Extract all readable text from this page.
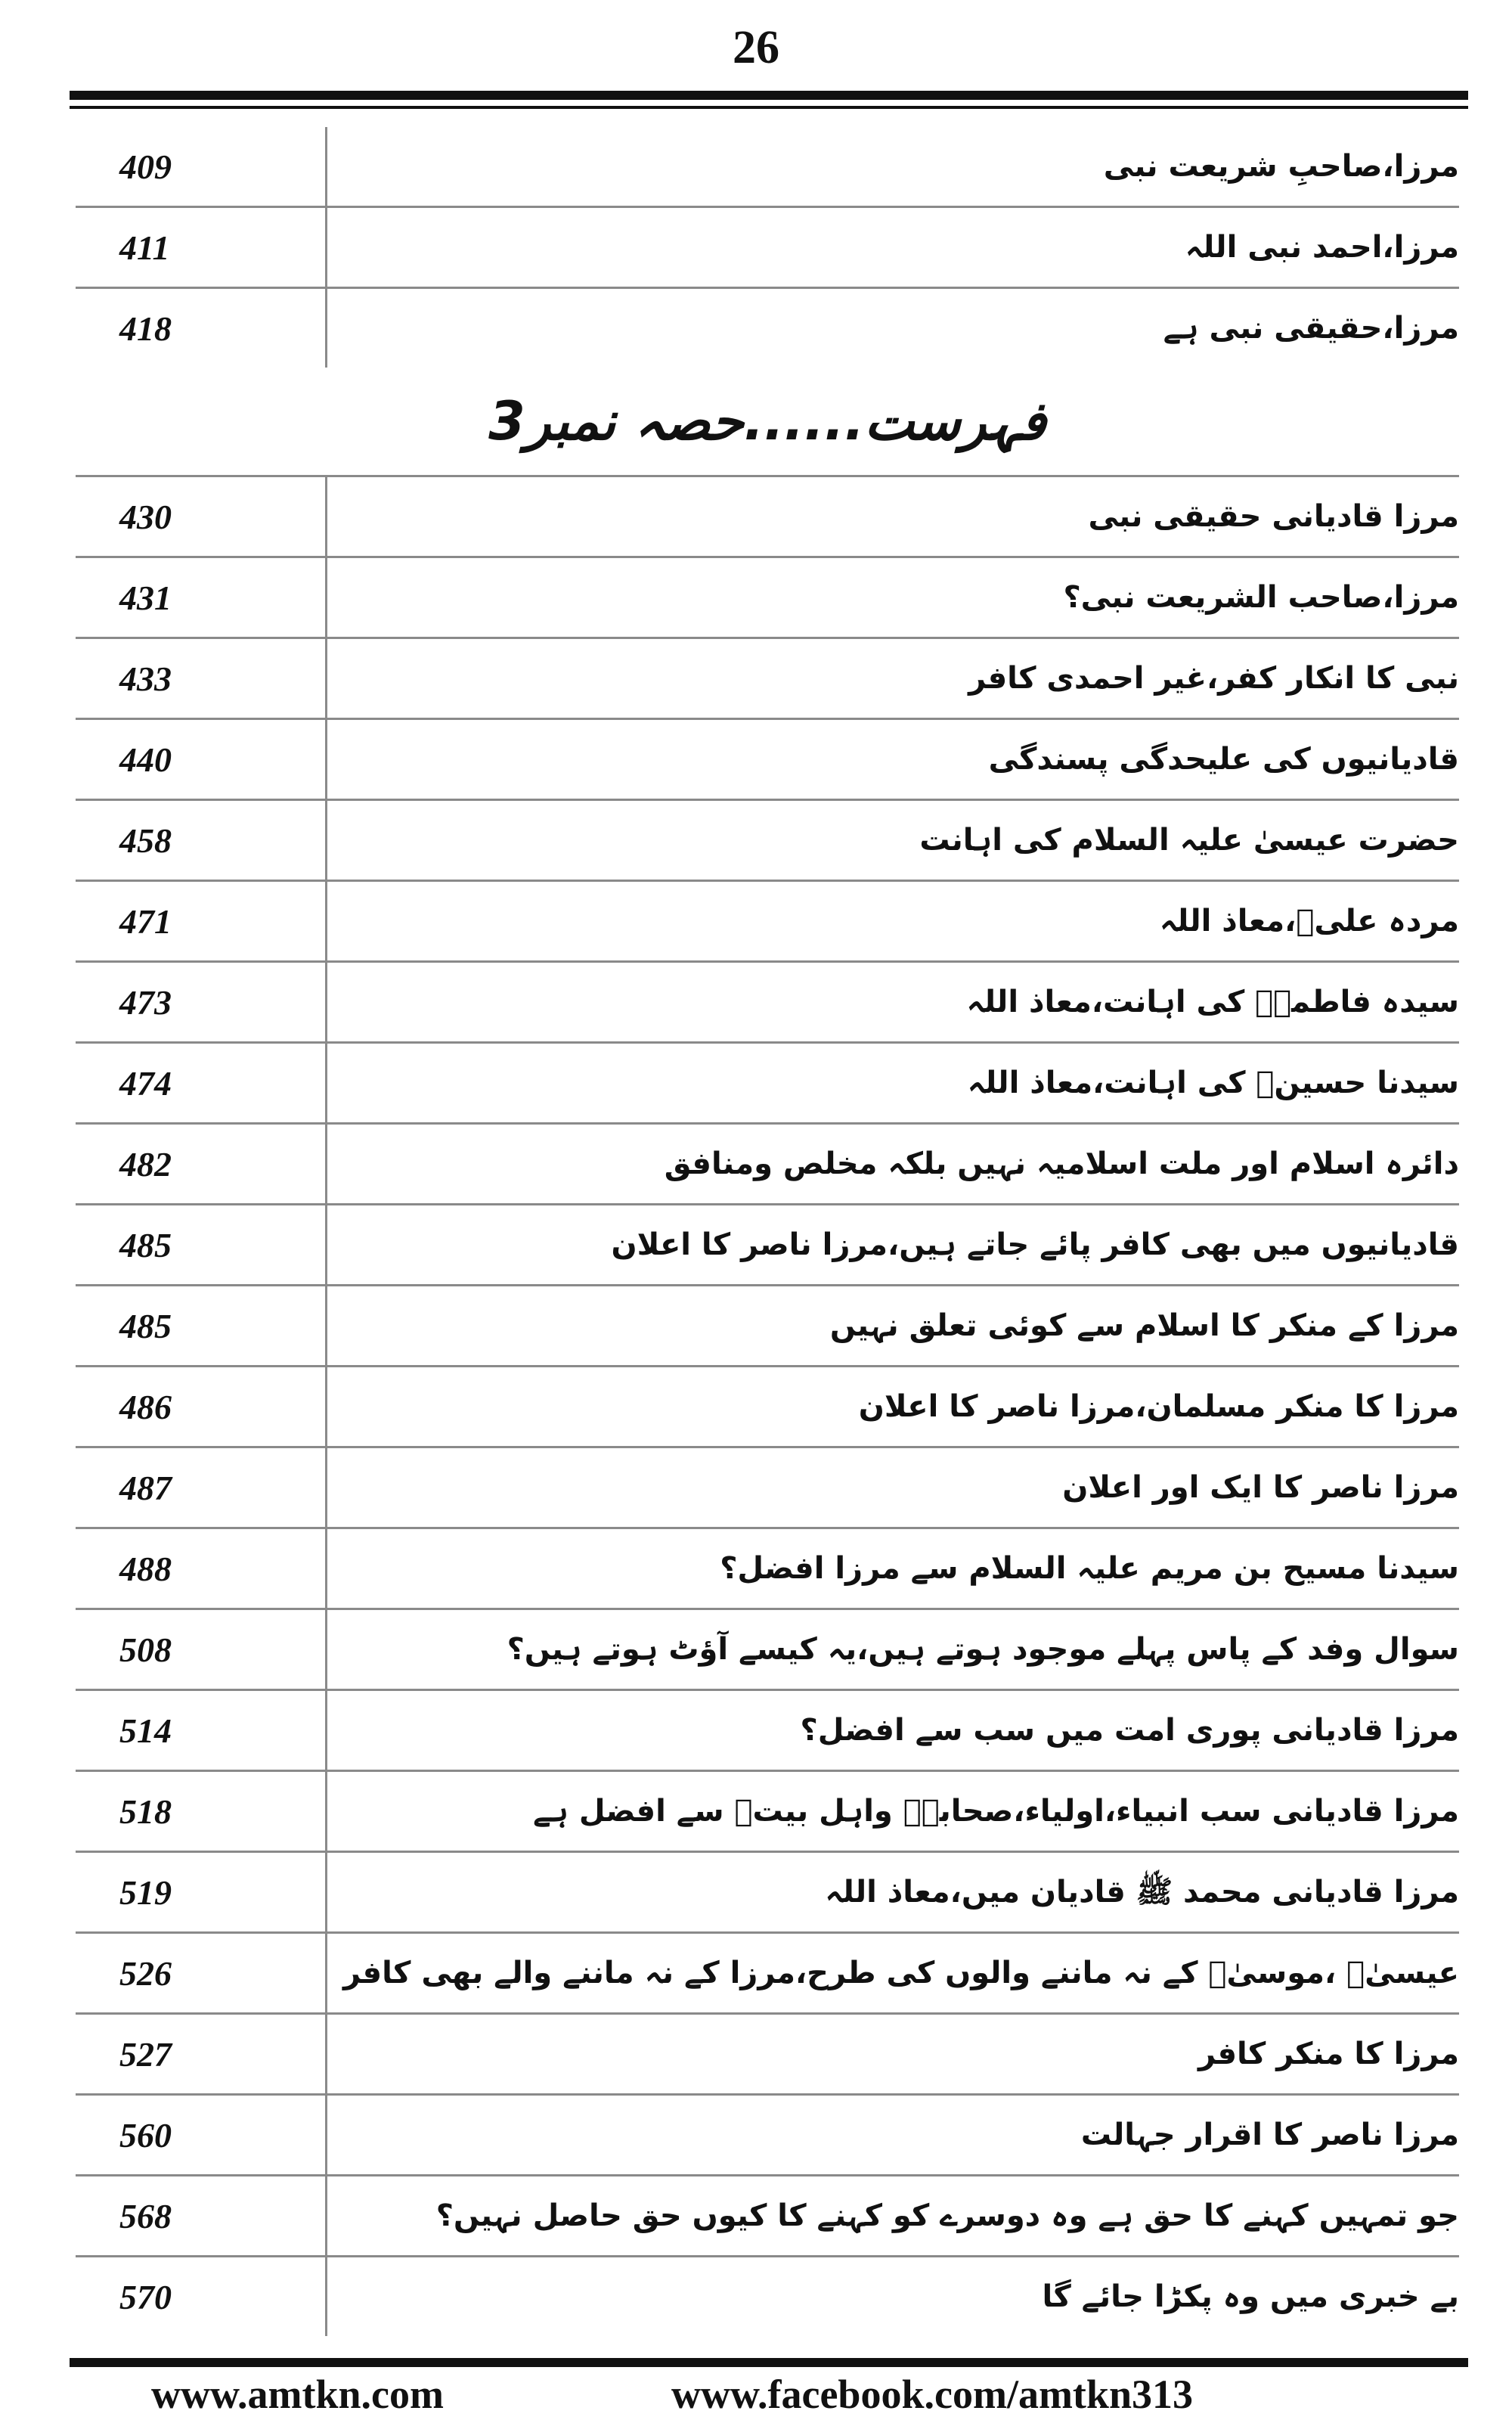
26
409	مرزا،صاحبِ شریعت نبی
411	مرزا،احمد نبی اللہ
418	مرزا،حقیقی نبی ہے
فہرست......حصہ نمبر3
430	مرزا قادیانی حقیقی نبی
431	مرزا،صاحب الشریعت نبی؟
433	نبی کا انکار کفر،غیر احمدی کافر
440	قادیانیوں کی علیحدگی پسندگی
458	حضرت عیسیٰ علیہ السلام کی اہانت
471	مردہ علیؓ،معاذ اللہ
473	سیدہ فاطمہؓ کی اہانت،معاذ اللہ
474	سیدنا حسینؓ کی اہانت،معاذ اللہ
482	دائرہ اسلام اور ملت اسلامیہ نہیں بلکہ مخلص ومنافق
485	قادیانیوں میں بھی کافر پائے جاتے ہیں،مرزا ناصر کا اعلان
485	مرزا کے منکر کا اسلام سے کوئی تعلق نہیں
486	مرزا کا منکر مسلمان،مرزا ناصر کا اعلان
487	مرزا ناصر کا ایک اور اعلان
488	سیدنا مسیح بن مریم علیہ السلام سے مرزا افضل؟
508	سوال وفد کے پاس پہلے موجود ہوتے ہیں،یہ کیسے آؤٹ ہوتے ہیں؟
514	مرزا قادیانی پوری امت میں سب سے افضل؟
518	مرزا قادیانی سب انبیاء،اولیاء،صحابہؓ واہل بیتؓ سے افضل ہے
519	مرزا قادیانی محمد ﷺ قادیان میں،معاذ اللہ
526	عیسیٰؑ ،موسیٰؑ کے نہ ماننے والوں کی طرح،مرزا کے نہ ماننے والے بھی کافر
527	مرزا کا منکر کافر
560	مرزا ناصر کا اقرار جہالت
568	جو تمہیں کہنے کا حق ہے وہ دوسرے کو کہنے کا کیوں حق حاصل نہیں؟
570	بے خبری میں وہ پکڑا جائے گا
www.amtkn.com	www.facebook.com/amtkn313
